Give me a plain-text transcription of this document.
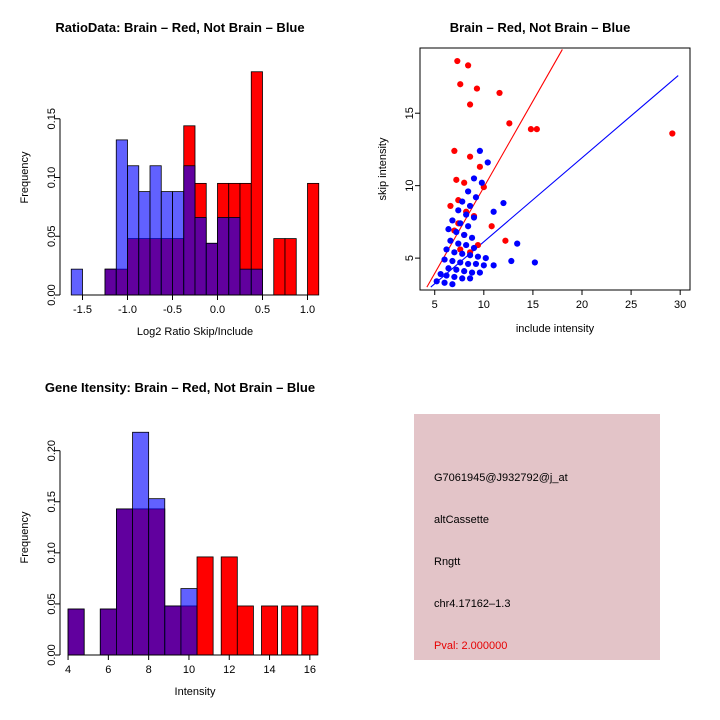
RatioData: Brain – Red, Not Brain – Blue
-1.5 -1.0 -0.5	0.0	0.5	1.0
0.00
0.05
0.10
0.15
Log2 Ratio Skip/Include
Frequency
Brain – Red, Not Brain – Blue
5	10	15	20	25	30
5
10
15
include intensity
skip intensity
Gene Itensity: Brain – Red, Not Brain – Blue
4	6	8	10	12	14	16
0.00
0.05
0.10
0.15
0.20
Intensity
Frequency
G7061945@J932792@j_at
altCassette
Rngtt
chr4.17162–1.3
Pval: 2.000000
